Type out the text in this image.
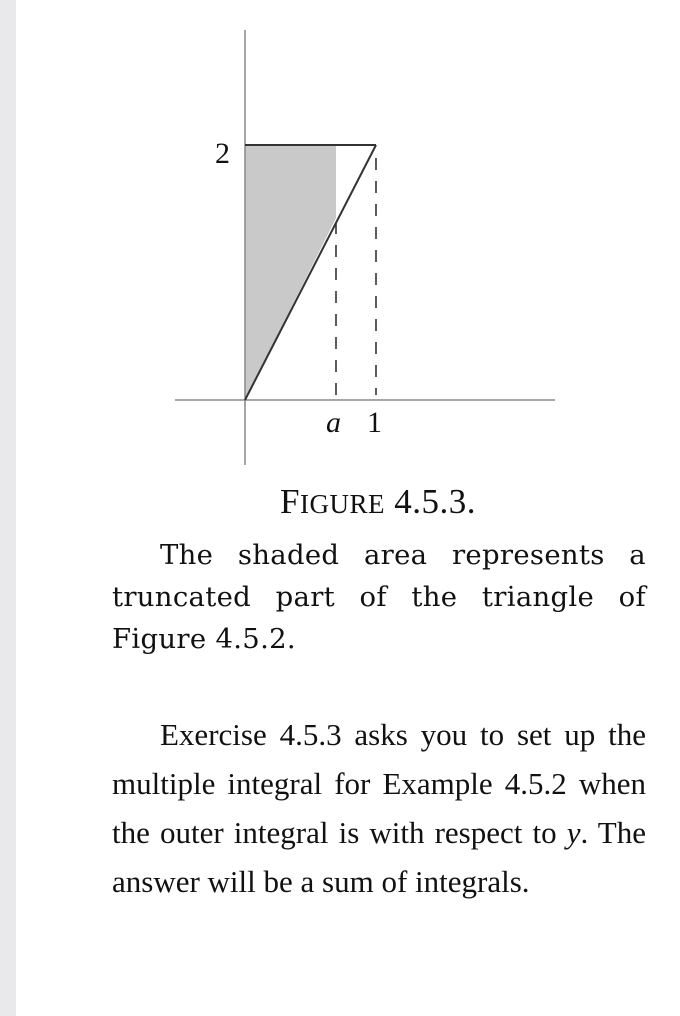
2
a 1
FIGURE 4.5.3.
The shaded area represents a truncated part of the triangle of Figure 4.5.2.
Exercise 4.5.3 asks you to set up the multiple integral for Example 4.5.2 when the outer integral is with respect to y. The answer will be a sum of integrals.
